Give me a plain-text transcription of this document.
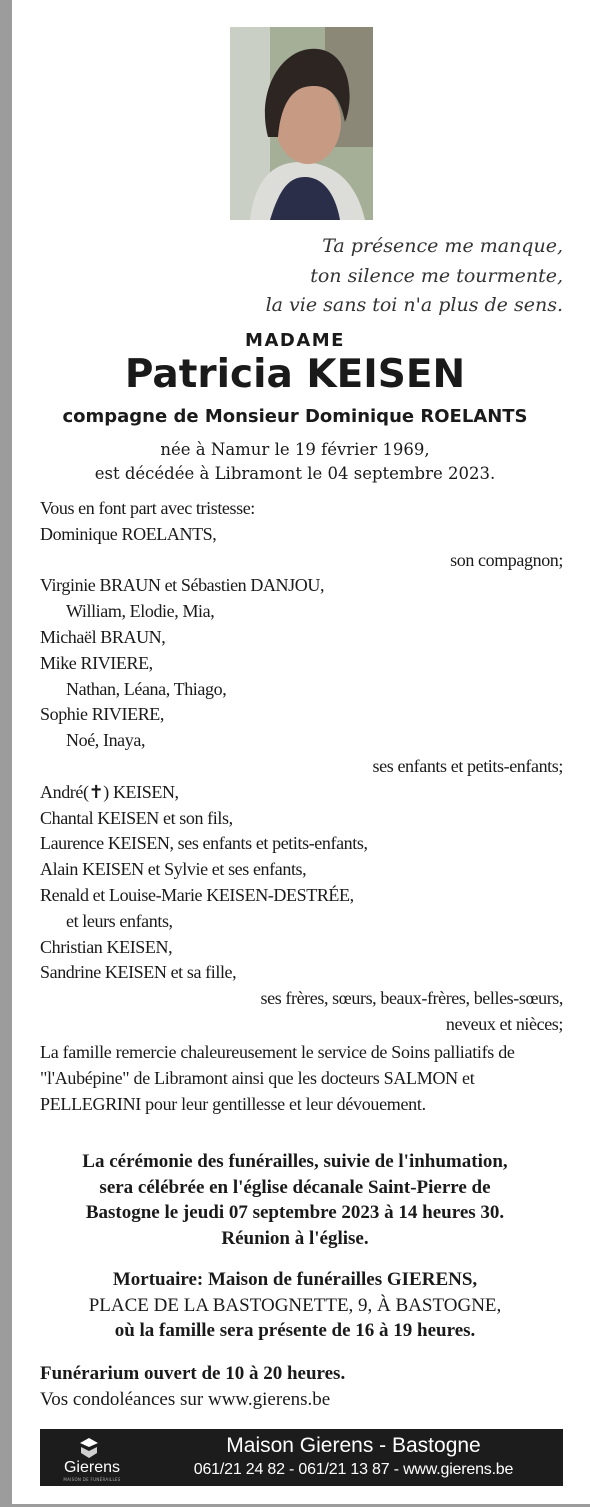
Ta présence me manque,
ton silence me tourmente,
la vie sans toi n'a plus de sens.
MADAME
Patricia KEISEN
compagne de Monsieur Dominique ROELANTS
née à Namur le 19 février 1969,
est décédée à Libramont le 04 septembre 2023.
Vous en font part avec tristesse:
Dominique ROELANTS,
son compagnon;
Virginie BRAUN et Sébastien DANJOU,
William, Elodie, Mia,
Michaël BRAUN,
Mike RIVIERE,
Nathan, Léana, Thiago,
Sophie RIVIERE,
Noé, Inaya,
ses enfants et petits-enfants;
André(✝) KEISEN,
Chantal KEISEN et son fils,
Laurence KEISEN, ses enfants et petits-enfants,
Alain KEISEN et Sylvie et ses enfants,
Renald et Louise-Marie KEISEN-DESTRÉE,
et leurs enfants,
Christian KEISEN,
Sandrine KEISEN et sa fille,
ses frères, sœurs, beaux-frères, belles-sœurs,
neveux et nièces;
La famille remercie chaleureusement le service de Soins palliatifs de "l'Aubépine" de Libramont ainsi que les docteurs SALMON et PELLEGRINI pour leur gentillesse et leur dévouement.
La cérémonie des funérailles, suivie de l'inhumation,
sera célébrée en l'église décanale Saint-Pierre de
Bastogne le jeudi 07 septembre 2023 à 14 heures 30.
Réunion à l'église.
Mortuaire: Maison de funérailles GIERENS,
PLACE DE LA BASTOGNETTE, 9, À BASTOGNE,
où la famille sera présente de 16 à 19 heures.
Funérarium ouvert de 10 à 20 heures.
Vos condoléances sur www.gierens.be
Gierens
MAISON DE FUNÉRAILLES
Maison Gierens - Bastogne
061/21 24 82 - 061/21 13 87 - www.gierens.be
